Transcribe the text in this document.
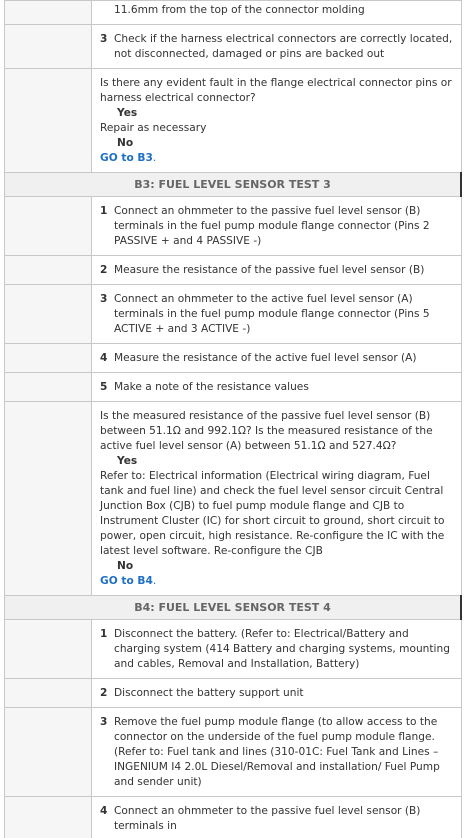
	11.6mm from the top of the connector molding

	3 Check if the harness electrical connectors are correctly located, not disconnected, damaged or pins are backed out

	Is there any evident fault in the flange electrical connector pins or harness electrical connector?
Yes
Repair as necessary
No
GO to B3.

B3: FUEL LEVEL SENSOR TEST 3	

	1 Connect an ohmmeter to the passive fuel level sensor (B) terminals in the fuel pump module flange connector (Pins 2 PASSIVE + and 4 PASSIVE -)

	2 Measure the resistance of the passive fuel level sensor (B)

	3 Connect an ohmmeter to the active fuel level sensor (A) terminals in the fuel pump module flange connector (Pins 5 ACTIVE + and 3 ACTIVE -)

	4 Measure the resistance of the active fuel level sensor (A)

	5 Make a note of the resistance values

	Is the measured resistance of the passive fuel level sensor (B) between 51.1Ω and 992.1Ω? Is the measured resistance of the active fuel level sensor (A) between 51.1Ω and 527.4Ω?
Yes
Refer to: Electrical information (Electrical wiring diagram, Fuel tank and fuel line) and check the fuel level sensor circuit Central Junction Box (CJB) to fuel pump module flange and CJB to Instrument Cluster (IC) for short circuit to ground, short circuit to power, open circuit, high resistance. Re-configure the IC with the latest level software. Re-configure the CJB
No
GO to B4.

B4: FUEL LEVEL SENSOR TEST 4	

	1 Disconnect the battery. (Refer to: Electrical/Battery and charging system (414 Battery and charging systems, mounting and cables, Removal and Installation, Battery)

	2 Disconnect the battery support unit

	3 Remove the fuel pump module flange (to allow access to the connector on the underside of the fuel pump module flange. (Refer to: Fuel tank and lines (310-01C: Fuel Tank and Lines – INGENIUM I4 2.0L Diesel/Removal and installation/ Fuel Pump and sender unit)

	4 Connect an ohmmeter to the passive fuel level sensor (B) terminals in
